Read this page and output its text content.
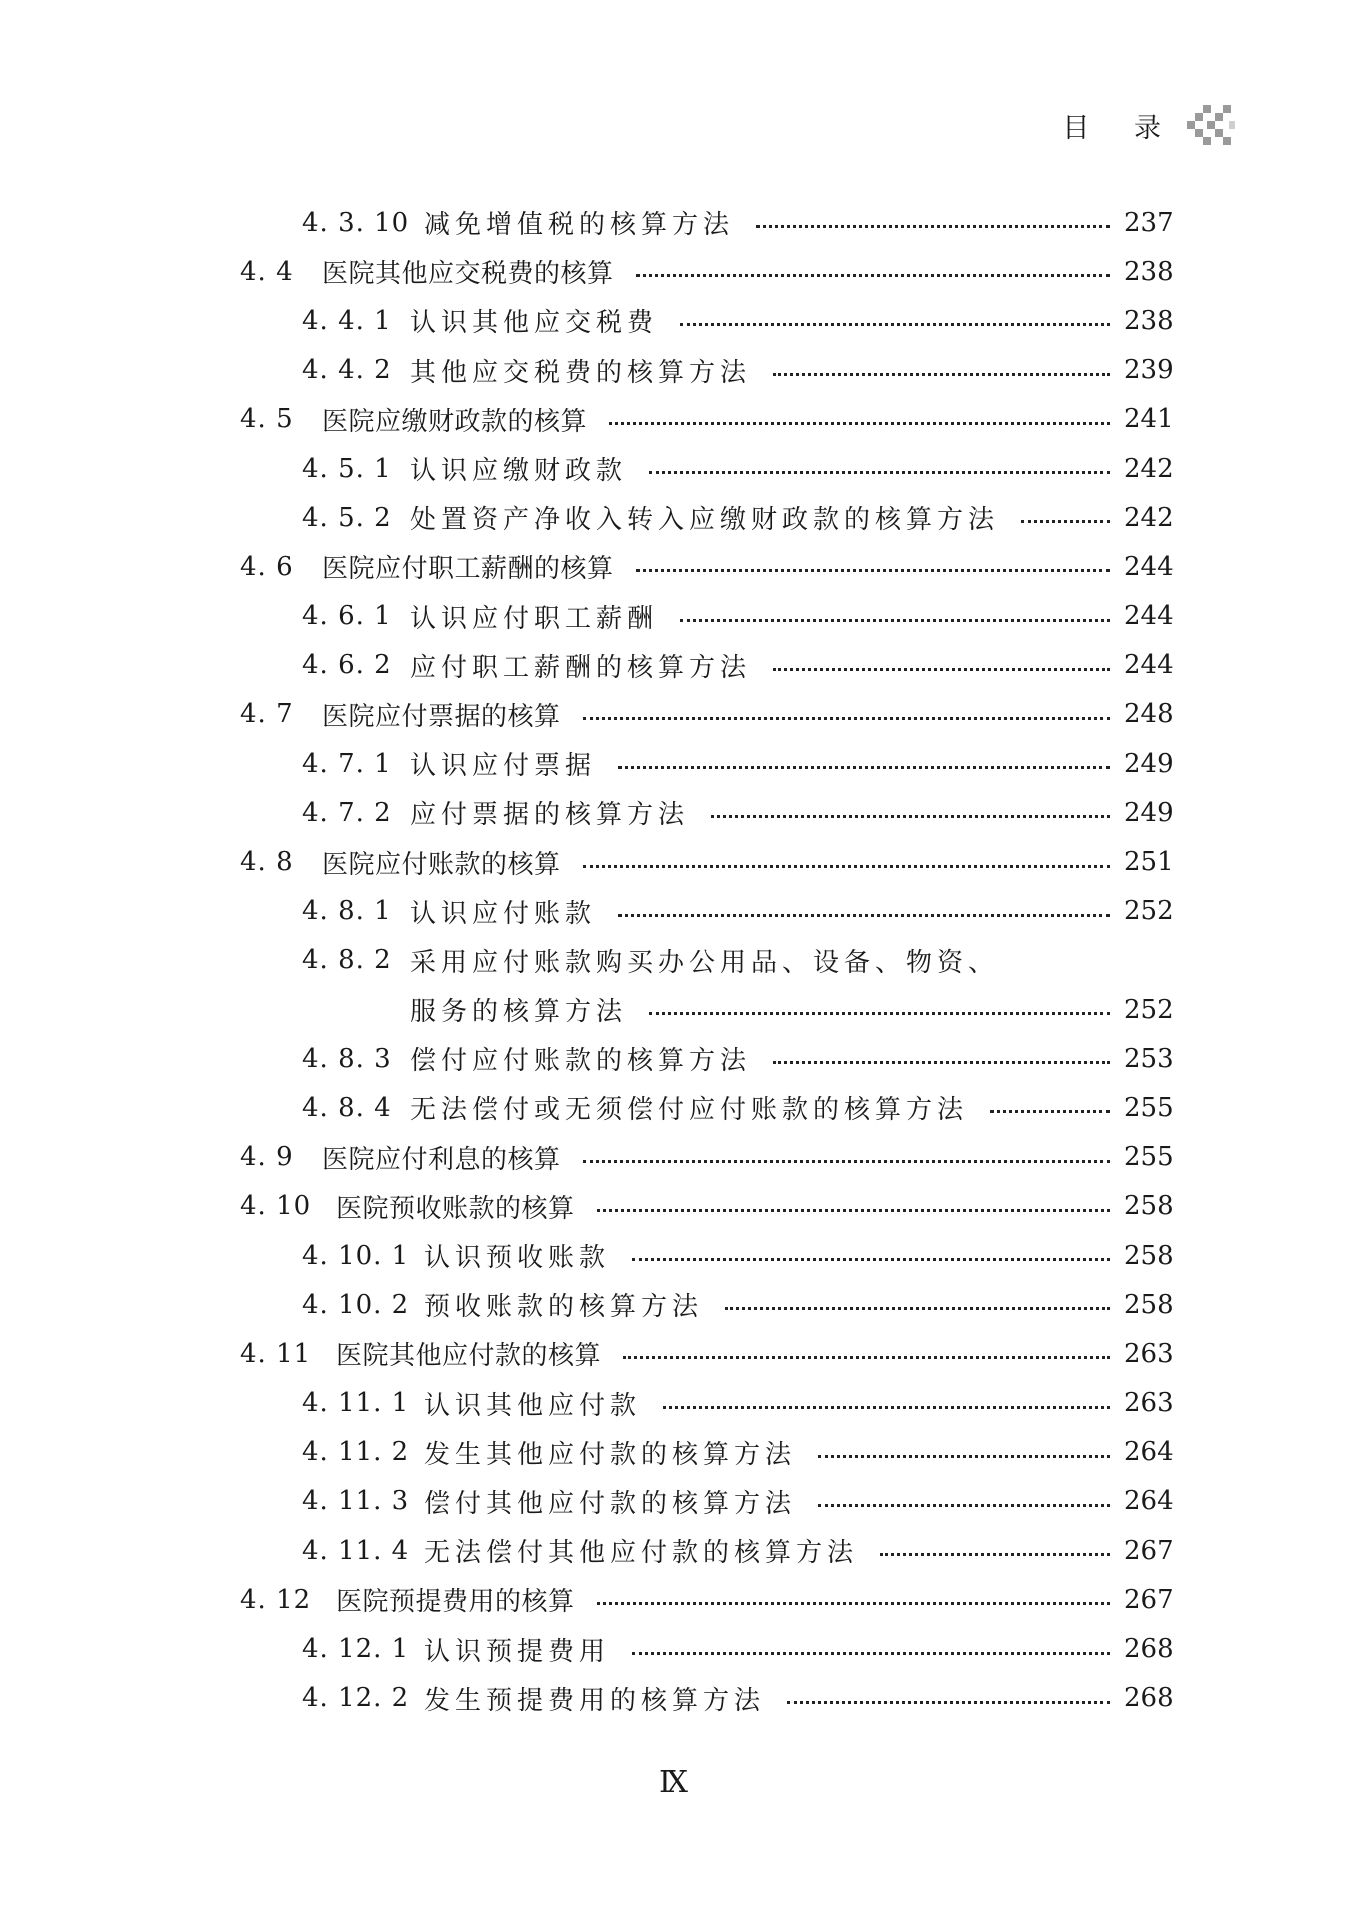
目 录
4. 3. 10 减免增值税的核算方法	237
4. 4	医院其他应交税费的核算	238
4. 4. 1 认识其他应交税费	238
4. 4. 2 其他应交税费的核算方法	239
4. 5	医院应缴财政款的核算	241
4. 5. 1 认识应缴财政款	242
4. 5. 2 处置资产净收入转入应缴财政款的核算方法	242
4. 6	医院应付职工薪酬的核算	244
4. 6. 1 认识应付职工薪酬	244
4. 6. 2 应付职工薪酬的核算方法	244
4. 7	医院应付票据的核算	248
4. 7. 1 认识应付票据	249
4. 7. 2 应付票据的核算方法	249
4. 8	医院应付账款的核算	251
4. 8. 1 认识应付账款	252
4. 8. 2 采用应付账款购买办公用品、设备、物资、
服务的核算方法	252
4. 8. 3 偿付应付账款的核算方法	253
4. 8. 4 无法偿付或无须偿付应付账款的核算方法	255
4. 9	医院应付利息的核算	255
4. 10 医院预收账款的核算	258
4. 10. 1 认识预收账款	258
4. 10. 2 预收账款的核算方法	258
4. 11 医院其他应付款的核算	263
4. 11. 1 认识其他应付款	263
4. 11. 2 发生其他应付款的核算方法	264
4. 11. 3 偿付其他应付款的核算方法	264
4. 11. 4 无法偿付其他应付款的核算方法	267
4. 12 医院预提费用的核算	267
4. 12. 1 认识预提费用	268
4. 12. 2 发生预提费用的核算方法	268
Ⅸ
